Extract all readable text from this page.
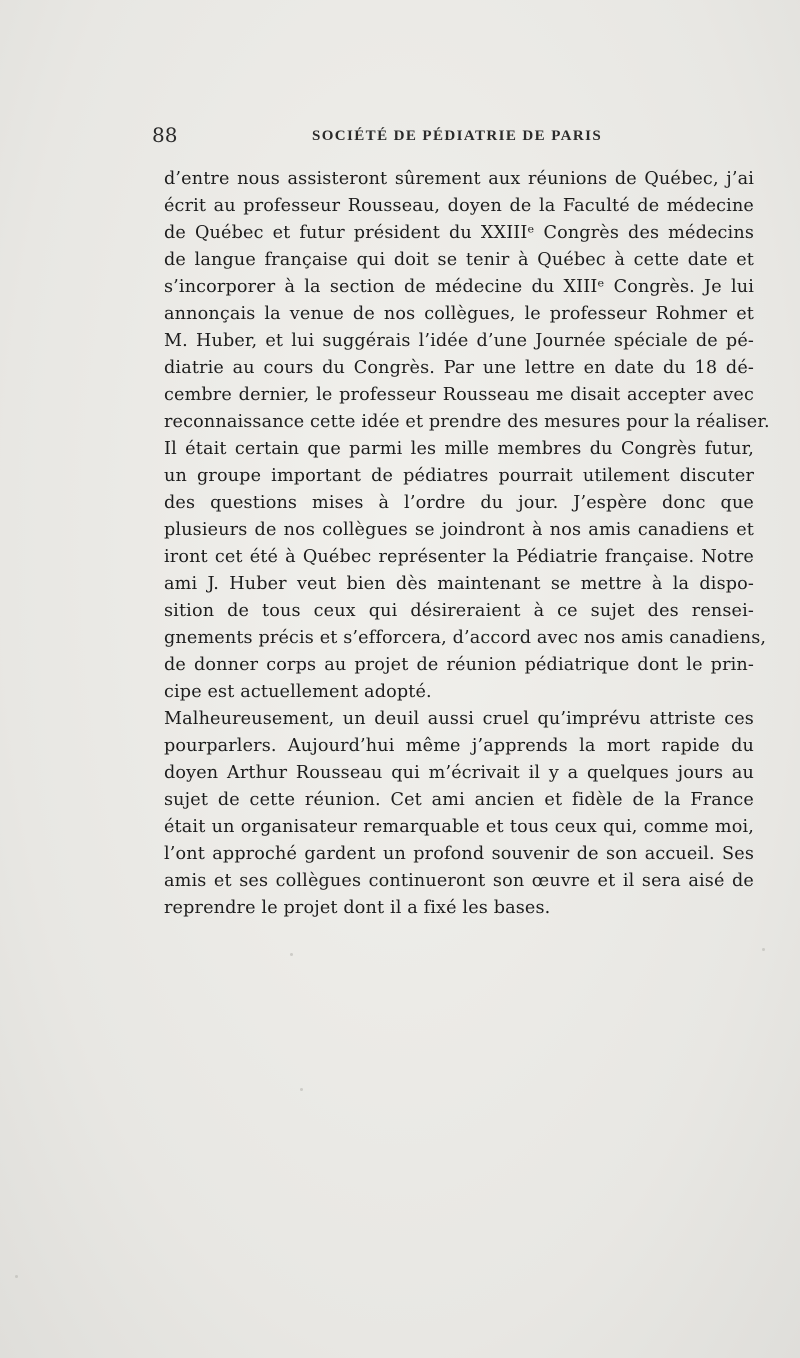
88	SOCIÉTÉ DE PÉDIATRIE DE PARIS
d’entre nous assisteront sûrement aux réunions de Québec, j’ai
écrit au professeur Rousseau, doyen de la Faculté de médecine
de Québec et futur président du XXIIIᵉ Congrès des médecins
de langue française qui doit se tenir à Québec à cette date et
s’incorporer à la section de médecine du XIIIᵉ Congrès. Je lui
annonçais la venue de nos collègues, le professeur Rohmer et
M. Huber, et lui suggérais l’idée d’une Journée spéciale de pé-
diatrie au cours du Congrès. Par une lettre en date du 18 dé-
cembre dernier, le professeur Rousseau me disait accepter avec
reconnaissance cette idée et prendre des mesures pour la réaliser.
Il était certain que parmi les mille membres du Congrès futur,
un groupe important de pédiatres pourrait utilement discuter
des questions mises à l’ordre du jour. J’espère donc que
plusieurs de nos collègues se joindront à nos amis canadiens et
iront cet été à Québec représenter la Pédiatrie française. Notre
ami J. Huber veut bien dès maintenant se mettre à la dispo-
sition de tous ceux qui désireraient à ce sujet des rensei-
gnements précis et s’efforcera, d’accord avec nos amis canadiens,
de donner corps au projet de réunion pédiatrique dont le prin-
cipe est actuellement adopté.
Malheureusement, un deuil aussi cruel qu’imprévu attriste ces
pourparlers. Aujourd’hui même j’apprends la mort rapide du
doyen Arthur Rousseau qui m’écrivait il y a quelques jours au
sujet de cette réunion. Cet ami ancien et fidèle de la France
était un organisateur remarquable et tous ceux qui, comme moi,
l’ont approché gardent un profond souvenir de son accueil. Ses
amis et ses collègues continueront son œuvre et il sera aisé de
reprendre le projet dont il a fixé les bases.
